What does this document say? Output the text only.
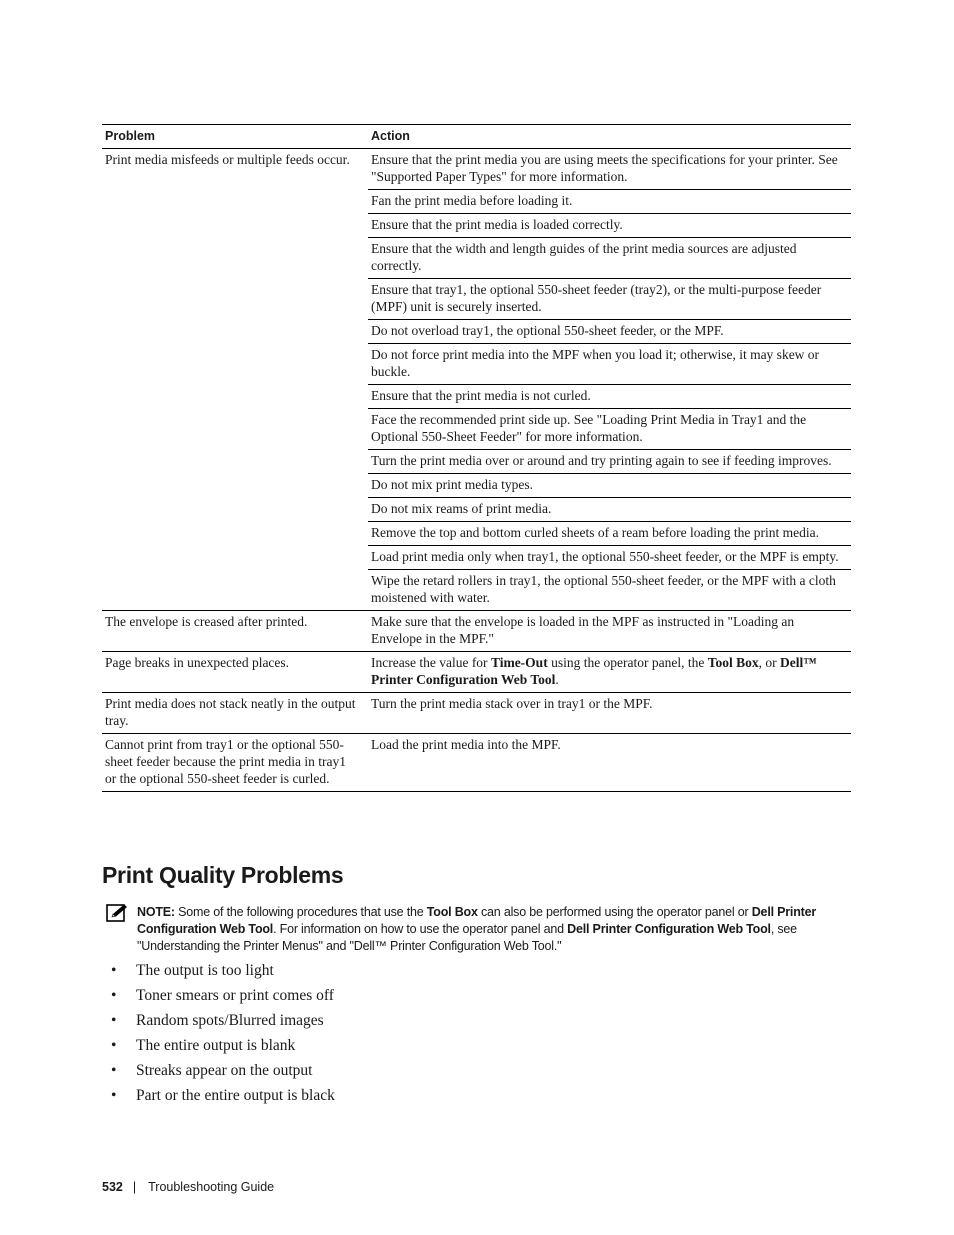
Problem	Action
Print media misfeeds or multiple feeds occur.	Ensure that the print media you are using meets the specifications for your printer. See "Supported Paper Types" for more information.
	Fan the print media before loading it.
	Ensure that the print media is loaded correctly.
	Ensure that the width and length guides of the print media sources are adjusted correctly.
	Ensure that tray1, the optional 550-sheet feeder (tray2), or the multi-purpose feeder (MPF) unit is securely inserted.
	Do not overload tray1, the optional 550-sheet feeder, or the MPF.
	Do not force print media into the MPF when you load it; otherwise, it may skew or buckle.
	Ensure that the print media is not curled.
	Face the recommended print side up. See "Loading Print Media in Tray1 and the Optional 550-Sheet Feeder" for more information.
	Turn the print media over or around and try printing again to see if feeding improves.
	Do not mix print media types.
	Do not mix reams of print media.
	Remove the top and bottom curled sheets of a ream before loading the print media.
	Load print media only when tray1, the optional 550-sheet feeder, or the MPF is empty.
	Wipe the retard rollers in tray1, the optional 550-sheet feeder, or the MPF with a cloth moistened with water.
The envelope is creased after printed.	Make sure that the envelope is loaded in the MPF as instructed in "Loading an Envelope in the MPF."
Page breaks in unexpected places.	Increase the value for Time-Out using the operator panel, the Tool Box, or Dell™ Printer Configuration Web Tool.
Print media does not stack neatly in the output tray.	Turn the print media stack over in tray1 or the MPF.
Cannot print from tray1 or the optional 550-sheet feeder because the print media in tray1 or the optional 550-sheet feeder is curled.	Load the print media into the MPF.
Print Quality Problems
NOTE: Some of the following procedures that use the Tool Box can also be performed using the operator panel or Dell Printer Configuration Web Tool. For information on how to use the operator panel and Dell Printer Configuration Web Tool, see "Understanding the Printer Menus" and "Dell™ Printer Configuration Web Tool."
• The output is too light
• Toner smears or print comes off
• Random spots/Blurred images
• The entire output is blank
• Streaks appear on the output
• Part or the entire output is black
532 | Troubleshooting Guide
